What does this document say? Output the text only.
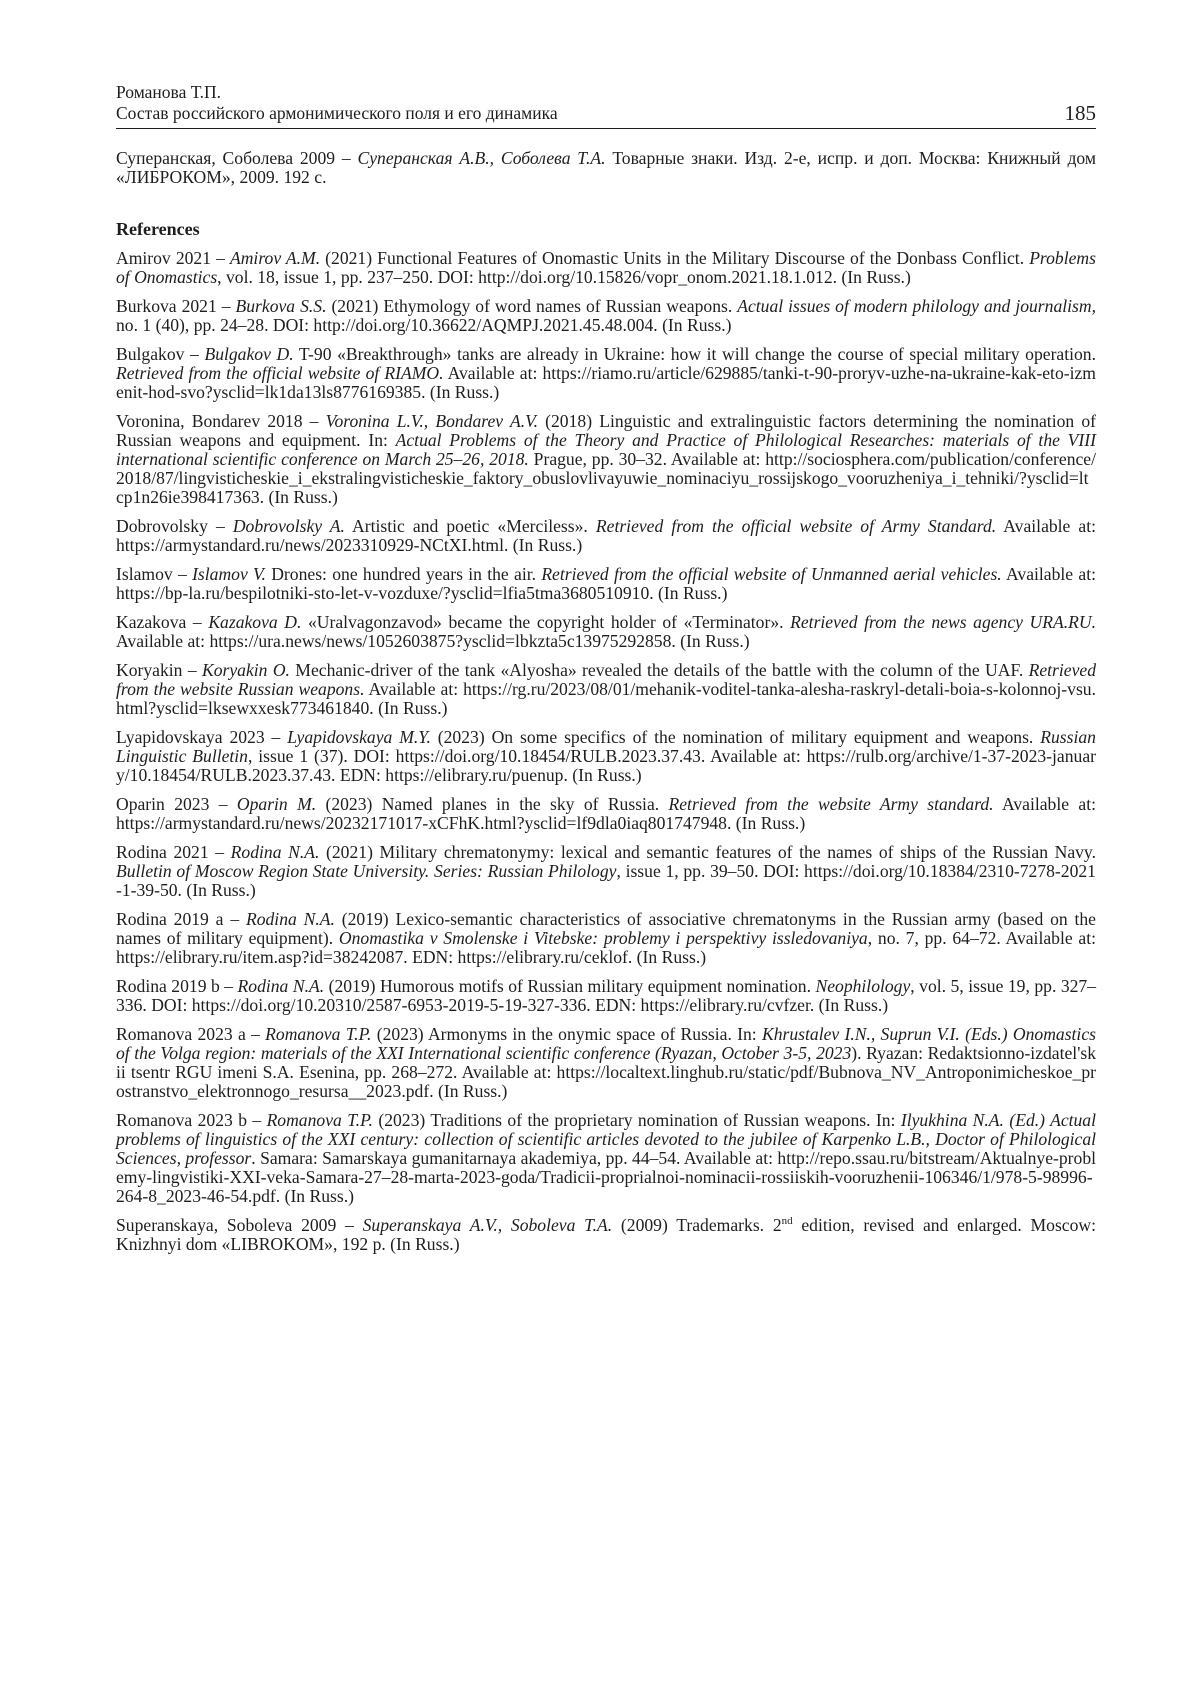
Романова Т.П.
Состав российского армонимического поля и его динамика	185

Суперанская, Соболева 2009 – Суперанская А.В., Соболева Т.А. Товарные знаки. Изд. 2-е, испр. и доп. Москва: Книжный дом «ЛИБРОКОМ», 2009. 192 с.

References

Amirov 2021 – Amirov A.M. (2021) Functional Features of Onomastic Units in the Military Discourse of the Donbass Conflict. Problems of Onomastics, vol. 18, issue 1, pp. 237–250. DOI: http://doi.org/10.15826/vopr_onom.2021.18.1.012. (In Russ.)

Burkova 2021 – Burkova S.S. (2021) Ethymology of word names of Russian weapons. Actual issues of modern philology and journalism, no. 1 (40), pp. 24–28. DOI: http://doi.org/10.36622/AQMPJ.2021.45.48.004. (In Russ.)

Bulgakov – Bulgakov D. T-90 «Breakthrough» tanks are already in Ukraine: how it will change the course of special military operation. Retrieved from the official website of RIAMO. Available at: https://riamo.ru/article/629885/tanki-t-90-proryv-uzhe-na-ukraine-kak-eto-izmenit-hod-svo?ysclid=lk1da13ls8776169385. (In Russ.)

Voronina, Bondarev 2018 – Voronina L.V., Bondarev A.V. (2018) Linguistic and extralinguistic factors determining the nomination of Russian weapons and equipment. In: Actual Problems of the Theory and Practice of Philological Researches: materials of the VIII international scientific conference on March 25–26, 2018. Prague, pp. 30–32. Available at: http://sociosphera.com/publication/conference/2018/87/lingvisticheskie_i_ekstralingvisticheskie_faktory_obuslovlivayuwie_nominaciyu_rossijskogo_vooruzheniya_i_tehniki/?ysclid=ltcp1n26ie398417363. (In Russ.)

Dobrovolsky – Dobrovolsky A. Artistic and poetic «Merciless». Retrieved from the official website of Army Standard. Available at: https://armystandard.ru/news/2023310929-NCtXI.html. (In Russ.)

Islamov – Islamov V. Drones: one hundred years in the air. Retrieved from the official website of Unmanned aerial vehicles. Available at: https://bp-la.ru/bespilotniki-sto-let-v-vozduxe/?ysclid=lfia5tma3680510910. (In Russ.)

Kazakova – Kazakova D. «Uralvagonzavod» became the copyright holder of «Terminator». Retrieved from the news agency URA.RU. Available at: https://ura.news/news/1052603875?ysclid=lbkzta5c13975292858. (In Russ.)

Koryakin – Koryakin O. Mechanic-driver of the tank «Alyosha» revealed the details of the battle with the column of the UAF. Retrieved from the website Russian weapons. Available at: https://rg.ru/2023/08/01/mehanik-voditel-tanka-alesha-raskryl-detali-boia-s-kolonnoj-vsu.html?ysclid=lksewxxesk773461840. (In Russ.)

Lyapidovskaya 2023 – Lyapidovskaya M.Y. (2023) On some specifics of the nomination of military equipment and weapons. Russian Linguistic Bulletin, issue 1 (37). DOI: https://doi.org/10.18454/RULB.2023.37.43. Available at: https://rulb.org/archive/1-37-2023-january/10.18454/RULB.2023.37.43. EDN: https://elibrary.ru/puenup. (In Russ.)

Oparin 2023 – Oparin M. (2023) Named planes in the sky of Russia. Retrieved from the website Army standard. Available at: https://armystandard.ru/news/20232171017-xCFhK.html?ysclid=lf9dla0iaq801747948. (In Russ.)

Rodina 2021 – Rodina N.A. (2021) Military chrematonymy: lexical and semantic features of the names of ships of the Russian Navy. Bulletin of Moscow Region State University. Series: Russian Philology, issue 1, pp. 39–50. DOI: https://doi.org/10.18384/2310-7278-2021-1-39-50. (In Russ.)

Rodina 2019 a – Rodina N.A. (2019) Lexico-semantic characteristics of associative chrematonyms in the Russian army (based on the names of military equipment). Onomastika v Smolenske i Vitebske: problemy i perspektivy issledovaniya, no. 7, pp. 64–72. Available at: https://elibrary.ru/item.asp?id=38242087. EDN: https://elibrary.ru/ceklof. (In Russ.)

Rodina 2019 b – Rodina N.A. (2019) Humorous motifs of Russian military equipment nomination. Neophilology, vol. 5, issue 19, pp. 327–336. DOI: https://doi.org/10.20310/2587-6953-2019-5-19-327-336. EDN: https://elibrary.ru/cvfzer. (In Russ.)

Romanova 2023 a – Romanova T.P. (2023) Armonyms in the onymic space of Russia. In: Khrustalev I.N., Suprun V.I. (Eds.) Onomastics of the Volga region: materials of the XXI International scientific conference (Ryazan, October 3-5, 2023). Ryazan: Redaktsionno-izdatel'skii tsentr RGU imeni S.A. Esenina, pp. 268–272. Available at: https://localtext.linghub.ru/static/pdf/Bubnova_NV_Antroponimicheskoe_prostranstvo_elektronnogo_resursa__2023.pdf. (In Russ.)

Romanova 2023 b – Romanova T.P. (2023) Traditions of the proprietary nomination of Russian weapons. In: Ilyukhina N.A. (Ed.) Actual problems of linguistics of the XXI century: collection of scientific articles devoted to the jubilee of Karpenko L.B., Doctor of Philological Sciences, professor. Samara: Samarskaya gumanitarnaya akademiya, pp. 44–54. Available at: http://repo.ssau.ru/bitstream/Aktualnye-problemy-lingvistiki-XXI-veka-Samara-27–28-marta-2023-goda/Tradicii-proprialnoi-nominacii-rossiiskih-vooruzhenii-106346/1/978-5-98996-264-8_2023-46-54.pdf. (In Russ.)

Superanskaya, Soboleva 2009 – Superanskaya A.V., Soboleva T.A. (2009) Trademarks. 2nd edition, revised and enlarged. Moscow: Knizhnyi dom «LIBROKOM», 192 p. (In Russ.)
